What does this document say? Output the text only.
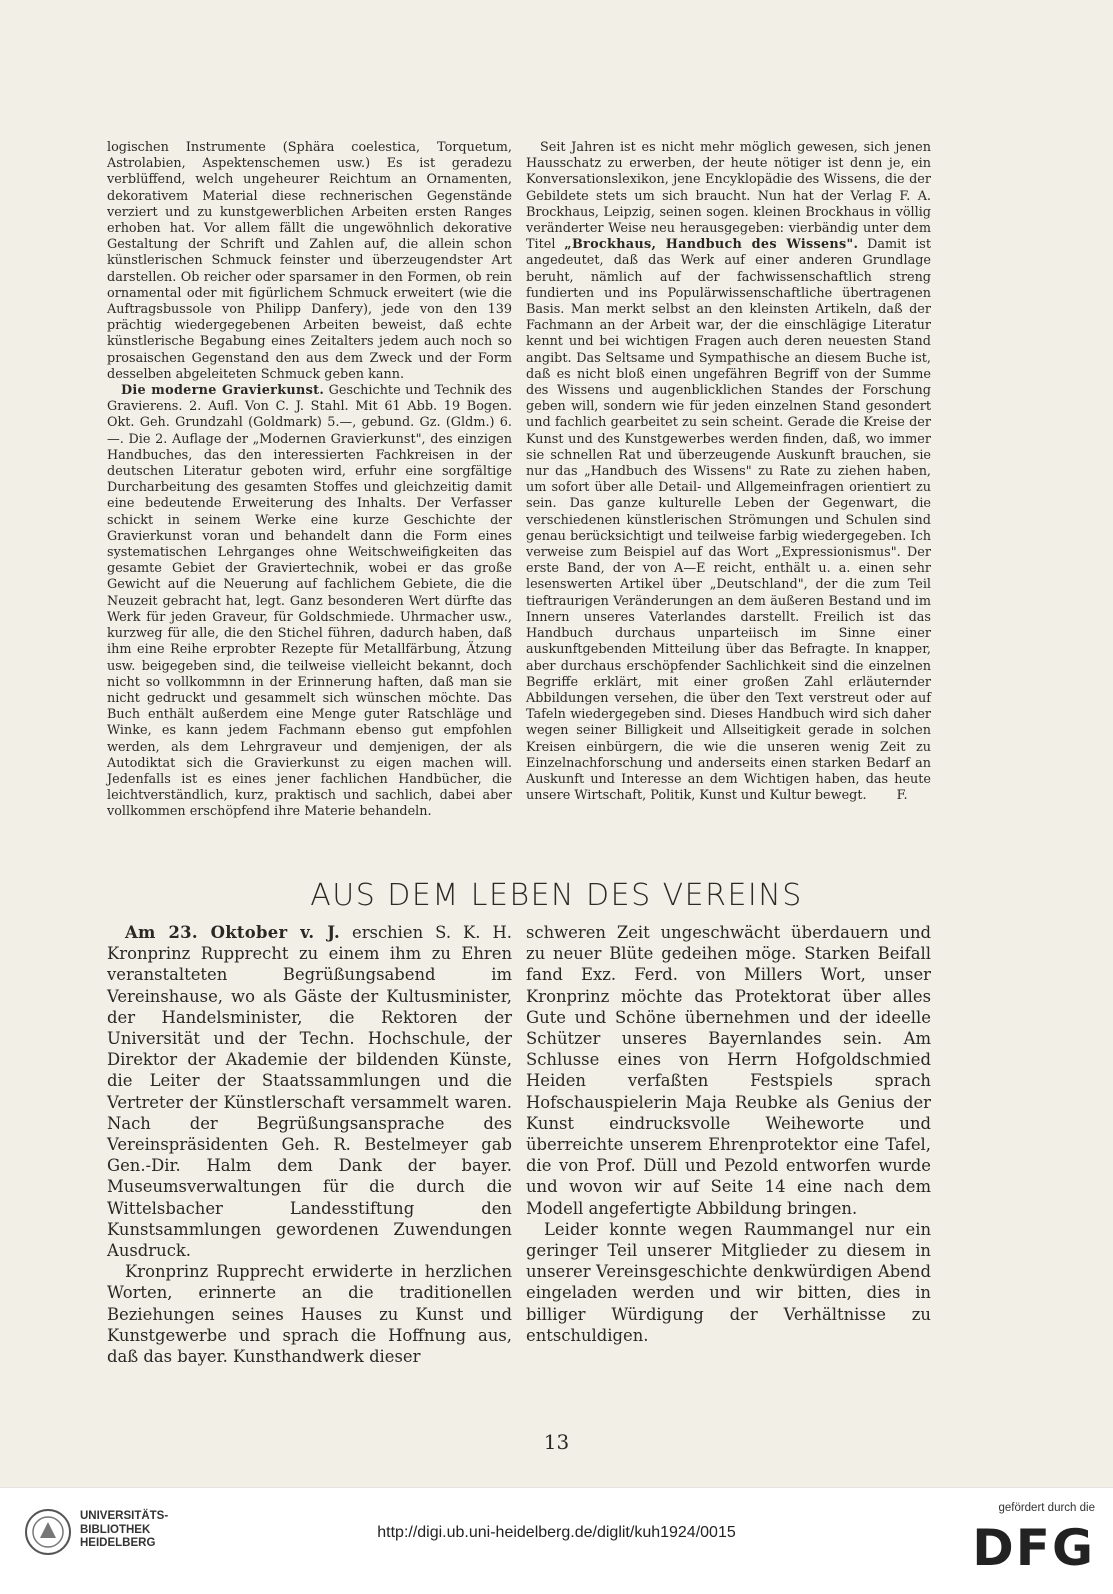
logischen Instrumente (Sphära coelestica, Torquetum, Astrolabien, Aspektenschemen usw.) Es ist geradezu verblüffend, welch ungeheurer Reichtum an Ornamenten, dekorativem Material diese rechnerischen Gegenstände verziert und zu kunstgewerblichen Arbeiten ersten Ranges erhoben hat. Vor allem fällt die ungewöhnlich dekorative Gestaltung der Schrift und Zahlen auf, die allein schon künstlerischen Schmuck feinster und überzeugendster Art darstellen. Ob reicher oder sparsamer in den Formen, ob rein ornamental oder mit figürlichem Schmuck erweitert (wie die Auftragsbussole von Philipp Danfery), jede von den 139 prächtig wiedergegebenen Arbeiten beweist, daß echte künstlerische Begabung eines Zeitalters jedem auch noch so prosaischen Gegenstand den aus dem Zweck und der Form desselben abgeleiteten Schmuck geben kann.

Die moderne Gravierkunst. Geschichte und Technik des Gravierens. 2. Aufl. Von C. J. Stahl. Mit 61 Abb. 19 Bogen. Okt. Geh. Grundzahl (Goldmark) 5.—, gebund. Gz. (Gldm.) 6.—. Die 2. Auflage der „Modernen Gravierkunst", des einzigen Handbuches, das den interessierten Fachkreisen in der deutschen Literatur geboten wird, erfuhr eine sorgfältige Durcharbeitung des gesamten Stoffes und gleichzeitig damit eine bedeutende Erweiterung des Inhalts. Der Verfasser schickt in seinem Werke eine kurze Geschichte der Gravierkunst voran und behandelt dann die Form eines systematischen Lehrganges ohne Weitschweifigkeiten das gesamte Gebiet der Graviertechnik, wobei er das große Gewicht auf die Neuerung auf fachlichem Gebiete, die die Neuzeit gebracht hat, legt. Ganz besonderen Wert dürfte das Werk für jeden Graveur, für Goldschmiede. Uhrmacher usw., kurzweg für alle, die den Stichel führen, dadurch haben, daß ihm eine Reihe erprobter Rezepte für Metallfärbung, Ätzung usw. beigegeben sind, die teilweise vielleicht bekannt, doch nicht so vollkommnn in der Erinnerung haften, daß man sie nicht gedruckt und gesammelt sich wünschen möchte. Das Buch enthält außerdem eine Menge guter Ratschläge und Winke, es kann jedem Fachmann ebenso gut empfohlen werden, als dem Lehrgraveur und demjenigen, der als Autodiktat sich die Gravierkunst zu eigen machen will. Jedenfalls ist es eines jener fachlichen Handbücher, die leichtverständlich, kurz, praktisch und sachlich, dabei aber vollkommen erschöpfend ihre Materie behandeln.

Seit Jahren ist es nicht mehr möglich gewesen, sich jenen Hausschatz zu erwerben, der heute nötiger ist denn je, ein Konversationslexikon, jene Encyklopädie des Wissens, die der Gebildete stets um sich braucht. Nun hat der Verlag F. A. Brockhaus, Leipzig, seinen sogen. kleinen Brockhaus in völlig veränderter Weise neu herausgegeben: vierbändig unter dem Titel „Brockhaus, Handbuch des Wissens". Damit ist angedeutet, daß das Werk auf einer anderen Grundlage beruht, nämlich auf der fachwissenschaftlich streng fundierten und ins Populärwissenschaftliche übertragenen Basis. Man merkt selbst an den kleinsten Artikeln, daß der Fachmann an der Arbeit war, der die einschlägige Literatur kennt und bei wichtigen Fragen auch deren neuesten Stand angibt. Das Seltsame und Sympathische an diesem Buche ist, daß es nicht bloß einen ungefähren Begriff von der Summe des Wissens und augenblicklichen Standes der Forschung geben will, sondern wie für jeden einzelnen Stand gesondert und fachlich gearbeitet zu sein scheint. Gerade die Kreise der Kunst und des Kunstgewerbes werden finden, daß, wo immer sie schnellen Rat und überzeugende Auskunft brauchen, sie nur das „Handbuch des Wissens" zu Rate zu ziehen haben, um sofort über alle Detail- und Allgemeinfragen orientiert zu sein. Das ganze kulturelle Leben der Gegenwart, die verschiedenen künstlerischen Strömungen und Schulen sind genau berücksichtigt und teilweise farbig wiedergegeben. Ich verweise zum Beispiel auf das Wort „Expressionismus". Der erste Band, der von A—E reicht, enthält u. a. einen sehr lesenswerten Artikel über „Deutschland", der die zum Teil tieftraurigen Veränderungen an dem äußeren Bestand und im Innern unseres Vaterlandes darstellt. Freilich ist das Handbuch durchaus unparteiisch im Sinne einer auskunftgebenden Mitteilung über das Befragte. In knapper, aber durchaus erschöpfender Sachlichkeit sind die einzelnen Begriffe erklärt, mit einer großen Zahl erläuternder Abbildungen versehen, die über den Text verstreut oder auf Tafeln wiedergegeben sind. Dieses Handbuch wird sich daher wegen seiner Billigkeit und Allseitigkeit gerade in solchen Kreisen einbürgern, die wie die unseren wenig Zeit zu Einzelnachforschung und anderseits einen starken Bedarf an Auskunft und Interesse an dem Wichtigen haben, das heute unsere Wirtschaft, Politik, Kunst und Kultur bewegt. F.

AUS DEM LEBEN DES VEREINS

Am 23. Oktober v. J. erschien S. K. H. Kronprinz Rupprecht zu einem ihm zu Ehren veranstalteten Begrüßungsabend im Vereinshause, wo als Gäste der Kultusminister, der Handelsminister, die Rektoren der Universität und der Techn. Hochschule, der Direktor der Akademie der bildenden Künste, die Leiter der Staatssammlungen und die Vertreter der Künstlerschaft versammelt waren. Nach der Begrüßungsansprache des Vereinspräsidenten Geh. R. Bestelmeyer gab Gen.-Dir. Halm dem Dank der bayer. Museumsverwaltungen für die durch die Wittelsbacher Landesstiftung den Kunstsammlungen gewordenen Zuwendungen Ausdruck.

Kronprinz Rupprecht erwiderte in herzlichen Worten, erinnerte an die traditionellen Beziehungen seines Hauses zu Kunst und Kunstgewerbe und sprach die Hoffnung aus, daß das bayer. Kunsthandwerk dieser

schweren Zeit ungeschwächt überdauern und zu neuer Blüte gedeihen möge. Starken Beifall fand Exz. Ferd. von Millers Wort, unser Kronprinz möchte das Protektorat über alles Gute und Schöne übernehmen und der ideelle Schützer unseres Bayernlandes sein. Am Schlusse eines von Herrn Hofgoldschmied Heiden verfaßten Festspiels sprach Hofschauspielerin Maja Reubke als Genius der Kunst eindrucksvolle Weiheworte und überreichte unserem Ehrenprotektor eine Tafel, die von Prof. Düll und Pezold entworfen wurde und wovon wir auf Seite 14 eine nach dem Modell angefertigte Abbildung bringen.

Leider konnte wegen Raummangel nur ein geringer Teil unserer Mitglieder zu diesem in unserer Vereinsgeschichte denkwürdigen Abend eingeladen werden und wir bitten, dies in billiger Würdigung der Verhältnisse zu entschuldigen.

13
UNIVERSITÄTS-
BIBLIOTHEK
HEIDELBERG
http://digi.ub.uni-heidelberg.de/diglit/kuh1924/0015
gefördert durch die
DFG
